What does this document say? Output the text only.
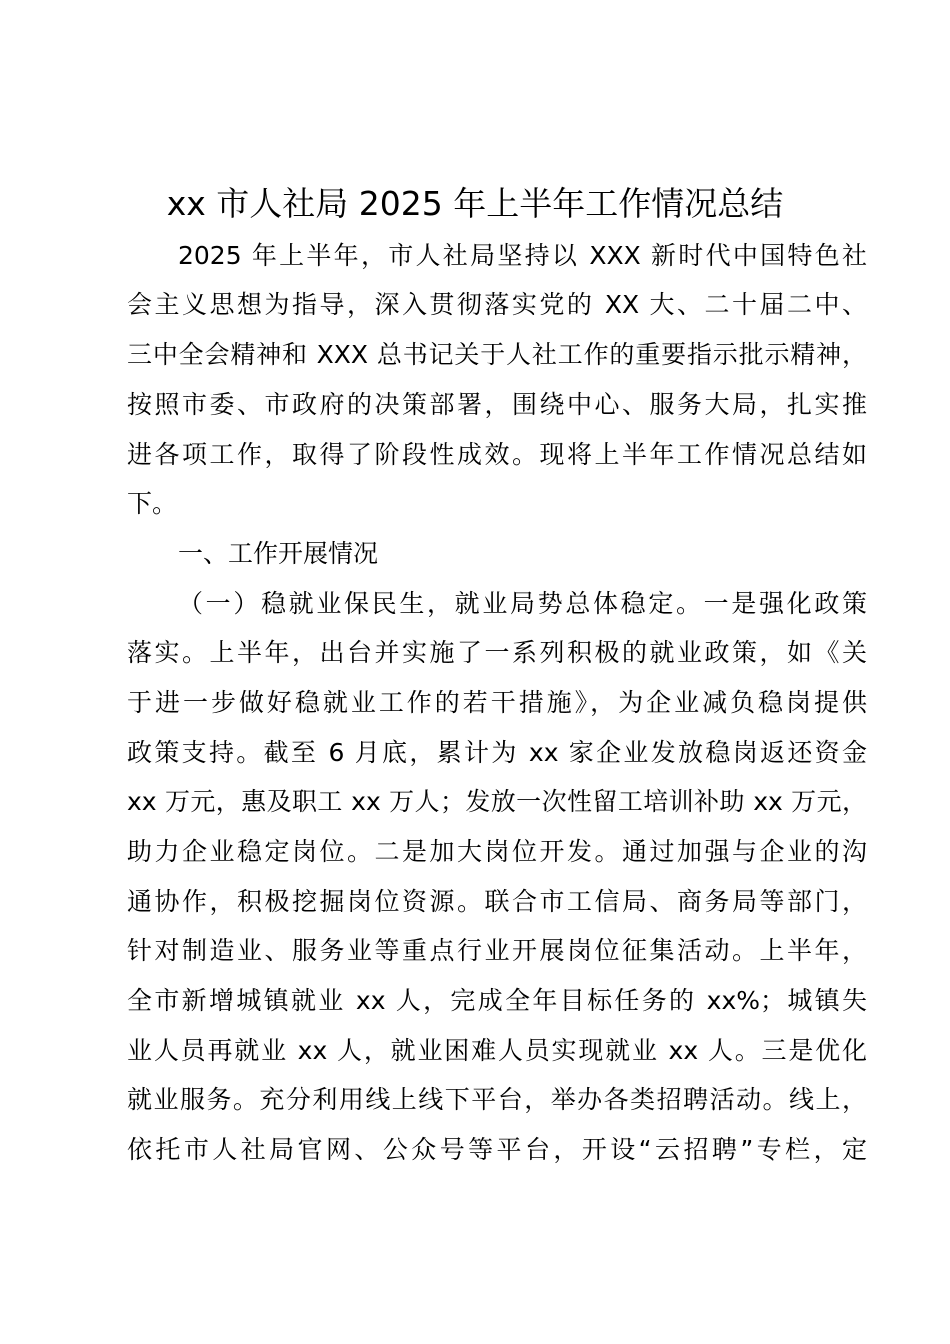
xx 市人社局 2025 年上半年工作情况总结
2025 年上半年，市人社局坚持以 XXX 新时代中国特色社
会主义思想为指导，深入贯彻落实党的 XX 大、二十届二中、
三中全会精神和 XXX 总书记关于人社工作的重要指示批示精神，
按照市委、市政府的决策部署，围绕中心、服务大局，扎实推
进各项工作，取得了阶段性成效。现将上半年工作情况总结如
下。
一、工作开展情况
（一）稳就业保民生，就业局势总体稳定。一是强化政策
落实。上半年，出台并实施了一系列积极的就业政策，如《关
于进一步做好稳就业工作的若干措施》，为企业减负稳岗提供
政策支持。截至 6 月底，累计为 xx 家企业发放稳岗返还资金
xx 万元，惠及职工 xx 万人；发放一次性留工培训补助 xx 万元，
助力企业稳定岗位。二是加大岗位开发。通过加强与企业的沟
通协作，积极挖掘岗位资源。联合市工信局、商务局等部门，
针对制造业、服务业等重点行业开展岗位征集活动。上半年，
全市新增城镇就业 xx 人，完成全年目标任务的 xx%；城镇失
业人员再就业 xx 人，就业困难人员实现就业 xx 人。三是优化
就业服务。充分利用线上线下平台，举办各类招聘活动。线上，
依托市人社局官网、公众号等平台，开设“云招聘”专栏，定
